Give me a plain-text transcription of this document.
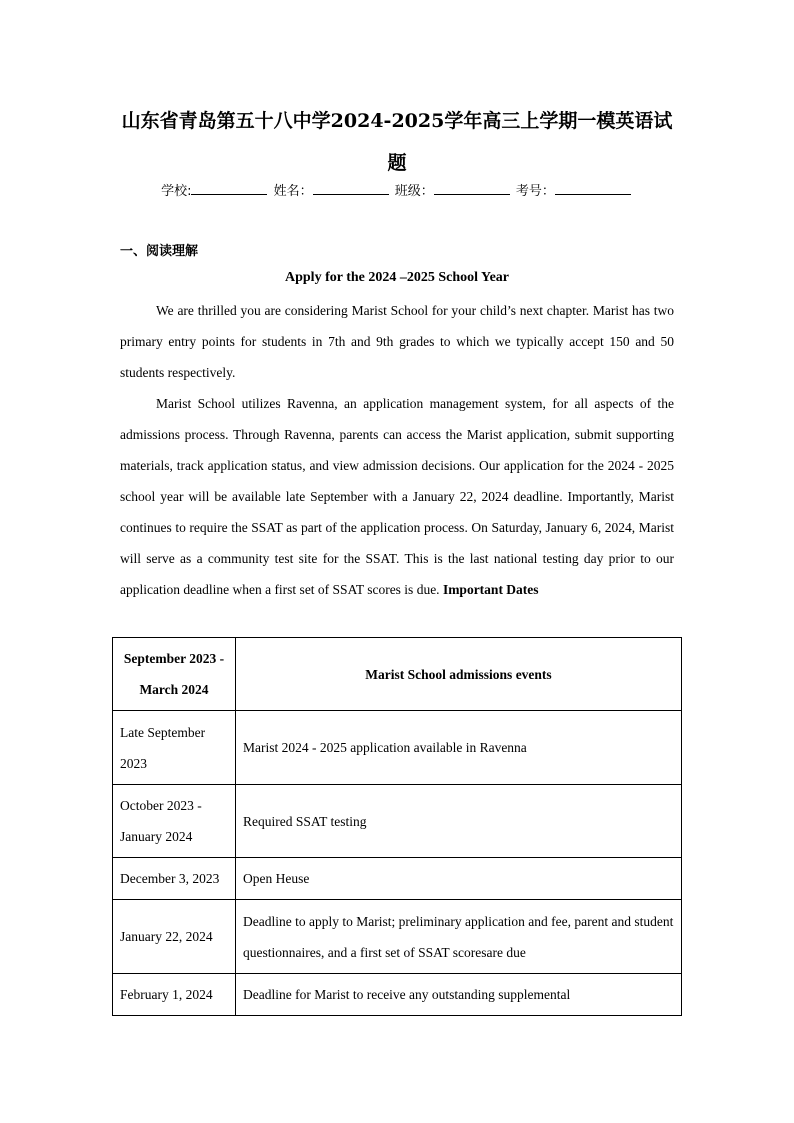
山东省青岛第五十八中学2024-2025学年高三上学期一模英语试题
学校:	姓名：	班级：	考号：
一、阅读理解
Apply for the 2024 –2025 School Year

We are thrilled you are considering Marist School for your child’s next chapter. Marist has two primary entry points for students in 7th and 9th grades to which we typically accept 150 and 50 students respectively.

Marist School utilizes Ravenna, an application management system, for all aspects of the admissions process. Through Ravenna, parents can access the Marist application, submit supporting materials, track application status, and view admission decisions. Our application for the 2024 - 2025 school year will be available late September with a January 22, 2024 deadline. Importantly, Marist continues to require the SSAT as part of the application process. On Saturday, January 6, 2024, Marist will serve as a community test site for the SSAT. This is the last national testing day prior to our application deadline when a first set of SSAT scores is due. Important Dates

September 2023 - March 2024	Marist School admissions events
Late September 2023	Marist 2024 - 2025 application available in Ravenna
October 2023 - January 2024	Required SSAT testing
December 3, 2023	Open Heuse
January 22, 2024	Deadline to apply to Marist; preliminary application and fee, parent and student questionnaires, and a first set of SSAT scoresare due
February 1, 2024	Deadline for Marist to receive any outstanding supplemental
